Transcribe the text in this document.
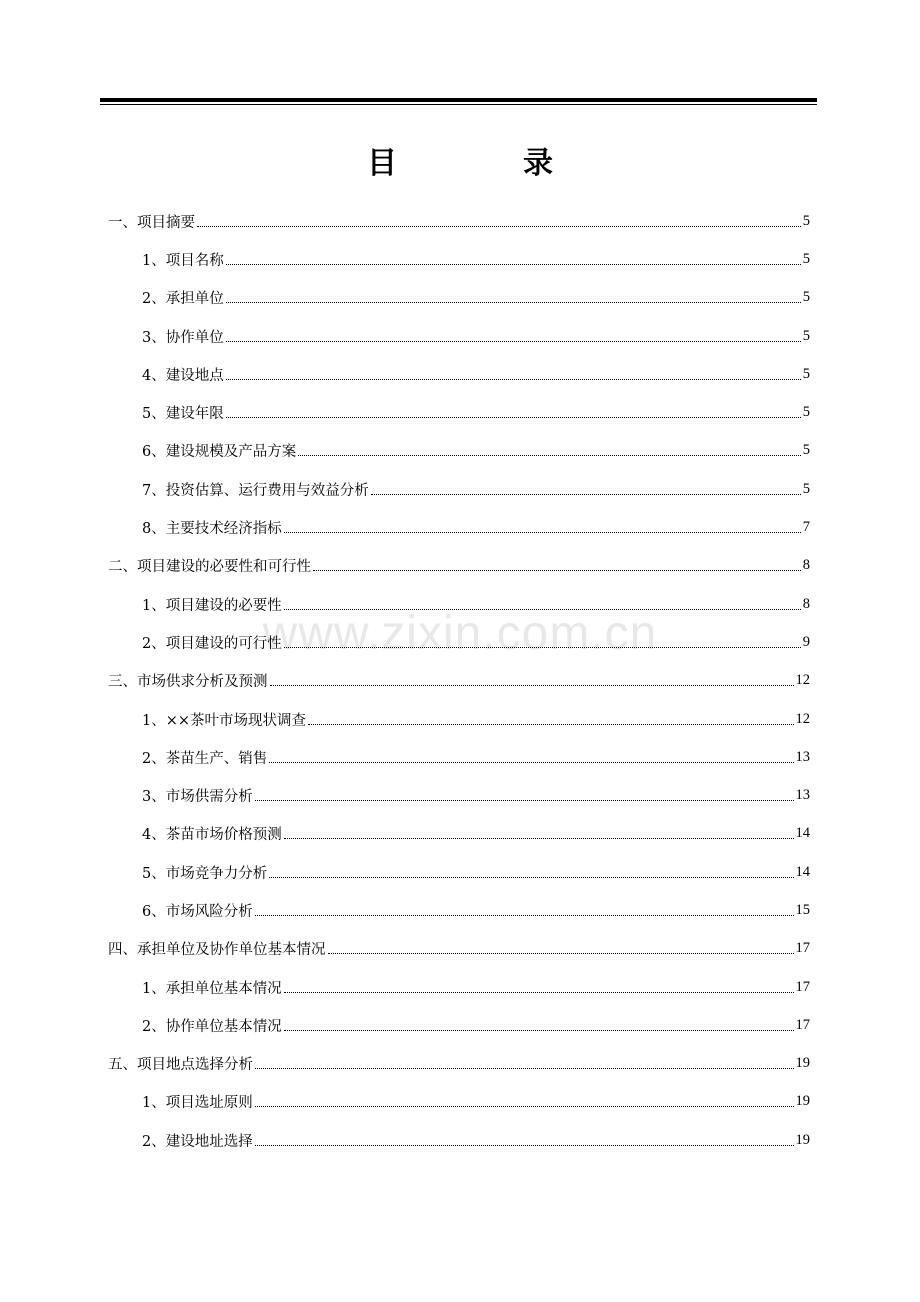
目　录
www.zixin.com.cn
一、项目摘要	5
1、项目名称	5
2、承担单位	5
3、协作单位	5
4、建设地点	5
5、建设年限	5
6、建设规模及产品方案	5
7、投资估算、运行费用与效益分析	5
8、主要技术经济指标	7
二、项目建设的必要性和可行性	8
1、项目建设的必要性	8
2、项目建设的可行性	9
三、市场供求分析及预测	12
1、××茶叶市场现状调查	12
2、茶苗生产、销售	13
3、市场供需分析	13
4、茶苗市场价格预测	14
5、市场竞争力分析	14
6、市场风险分析	15
四、承担单位及协作单位基本情况	17
1、承担单位基本情况	17
2、协作单位基本情况	17
五、项目地点选择分析	19
1、项目选址原则	19
2、建设地址选择	19
